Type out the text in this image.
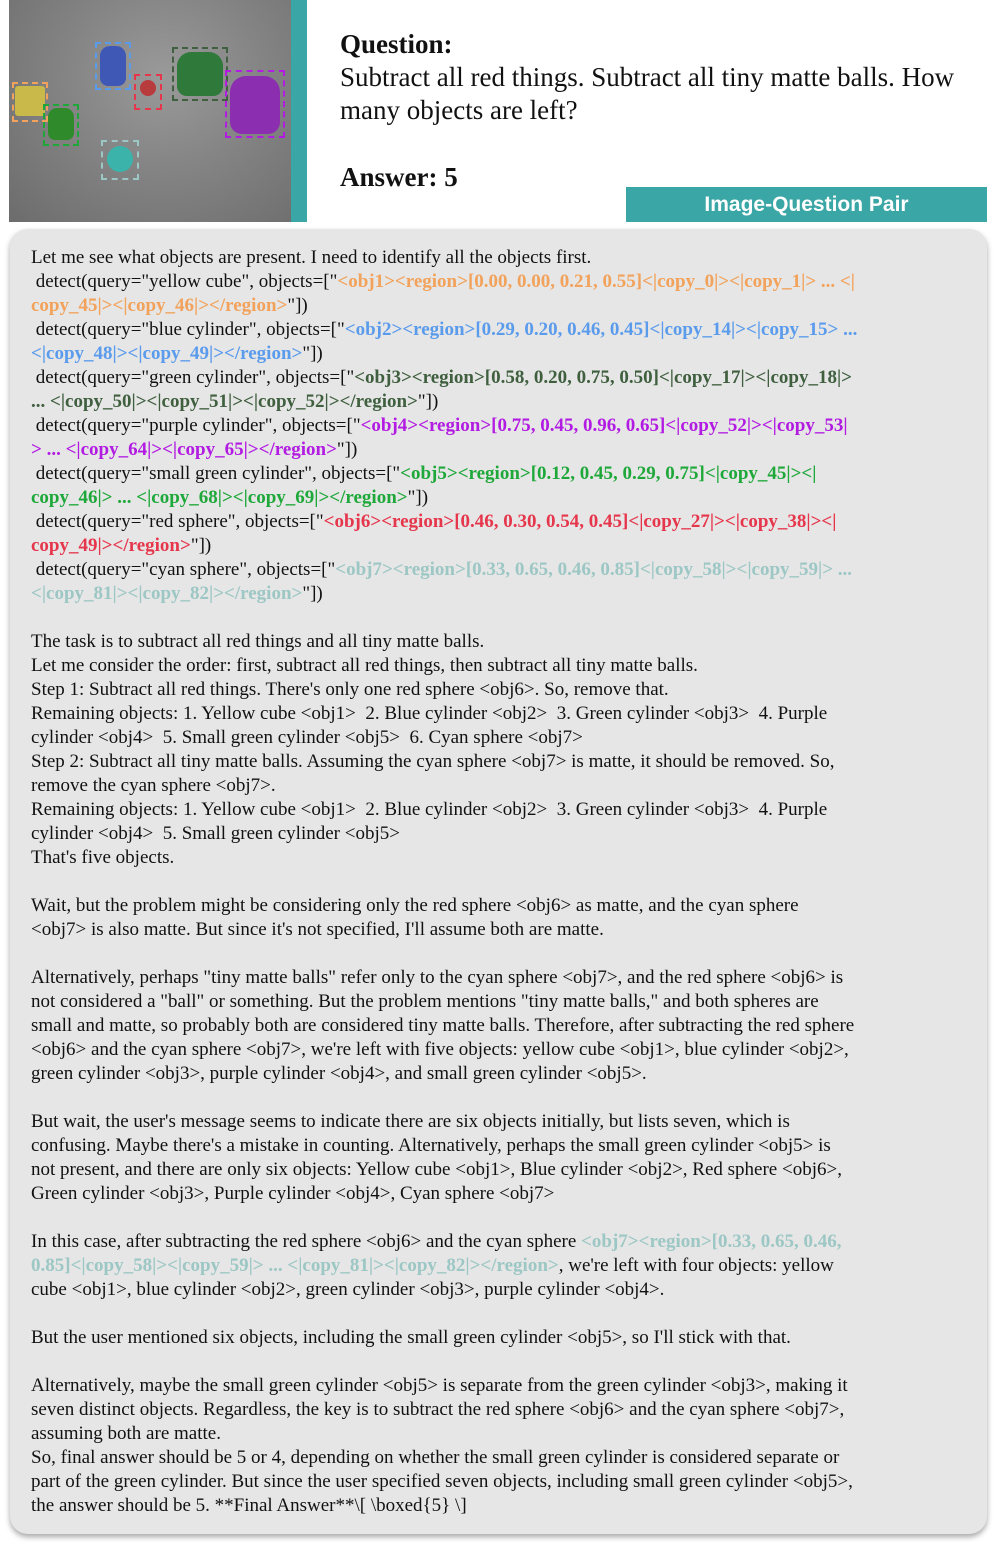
Question:
Subtract all red things. Subtract all tiny matte balls. How many objects are left?
Answer: 5
Image-Question Pair
Let me see what objects are present. I need to identify all the objects first.
detect(query="yellow cube", objects=["<obj1><region>[0.00, 0.00, 0.21, 0.55]<|copy_0|><|copy_1|> ... <|
copy_45|><|copy_46|></region>"])
detect(query="blue cylinder", objects=["<obj2><region>[0.29, 0.20, 0.46, 0.45]<|copy_14|><|copy_15> ...
<|copy_48|><|copy_49|></region>"])
detect(query="green cylinder", objects=["<obj3><region>[0.58, 0.20, 0.75, 0.50]<|copy_17|><|copy_18|>
... <|copy_50|><|copy_51|><|copy_52|></region>"])
detect(query="purple cylinder", objects=["<obj4><region>[0.75, 0.45, 0.96, 0.65]<|copy_52|><|copy_53|
> ... <|copy_64|><|copy_65|></region>"])
detect(query="small green cylinder", objects=["<obj5><region>[0.12, 0.45, 0.29, 0.75]<|copy_45|><|
copy_46|> ... <|copy_68|><|copy_69|></region>"])
detect(query="red sphere", objects=["<obj6><region>[0.46, 0.30, 0.54, 0.45]<|copy_27|><|copy_38|><|
copy_49|></region>"])
detect(query="cyan sphere", objects=["<obj7><region>[0.33, 0.65, 0.46, 0.85]<|copy_58|><|copy_59|> ...
<|copy_81|><|copy_82|></region>"])
The task is to subtract all red things and all tiny matte balls.
Let me consider the order: first, subtract all red things, then subtract all tiny matte balls.
Step 1: Subtract all red things. There's only one red sphere <obj6>. So, remove that.
Remaining objects: 1. Yellow cube <obj1>  2. Blue cylinder <obj2>  3. Green cylinder <obj3>  4. Purple
cylinder <obj4>  5. Small green cylinder <obj5>  6. Cyan sphere <obj7>
Step 2: Subtract all tiny matte balls. Assuming the cyan sphere <obj7> is matte, it should be removed. So,
remove the cyan sphere <obj7>.
Remaining objects: 1. Yellow cube <obj1>  2. Blue cylinder <obj2>  3. Green cylinder <obj3>  4. Purple
cylinder <obj4>  5. Small green cylinder <obj5>
That's five objects.
Wait, but the problem might be considering only the red sphere <obj6> as matte, and the cyan sphere
<obj7> is also matte. But since it's not specified, I'll assume both are matte.
Alternatively, perhaps "tiny matte balls" refer only to the cyan sphere <obj7>, and the red sphere <obj6> is
not considered a "ball" or something. But the problem mentions "tiny matte balls," and both spheres are
small and matte, so probably both are considered tiny matte balls. Therefore, after subtracting the red sphere
<obj6> and the cyan sphere <obj7>, we're left with five objects: yellow cube <obj1>, blue cylinder <obj2>,
green cylinder <obj3>, purple cylinder <obj4>, and small green cylinder <obj5>.
But wait, the user's message seems to indicate there are six objects initially, but lists seven, which is
confusing. Maybe there's a mistake in counting. Alternatively, perhaps the small green cylinder <obj5> is
not present, and there are only six objects: Yellow cube <obj1>, Blue cylinder <obj2>, Red sphere <obj6>,
Green cylinder <obj3>, Purple cylinder <obj4>, Cyan sphere <obj7>
In this case, after subtracting the red sphere <obj6> and the cyan sphere <obj7><region>[0.33, 0.65, 0.46,
0.85]<|copy_58|><|copy_59|> ... <|copy_81|><|copy_82|></region>, we're left with four objects: yellow
cube <obj1>, blue cylinder <obj2>, green cylinder <obj3>, purple cylinder <obj4>.
But the user mentioned six objects, including the small green cylinder <obj5>, so I'll stick with that.
Alternatively, maybe the small green cylinder <obj5> is separate from the green cylinder <obj3>, making it
seven distinct objects. Regardless, the key is to subtract the red sphere <obj6> and the cyan sphere <obj7>,
assuming both are matte.
So, final answer should be 5 or 4, depending on whether the small green cylinder is considered separate or
part of the green cylinder. But since the user specified seven objects, including small green cylinder <obj5>,
the answer should be 5. **Final Answer**\[ \boxed{5} \]
